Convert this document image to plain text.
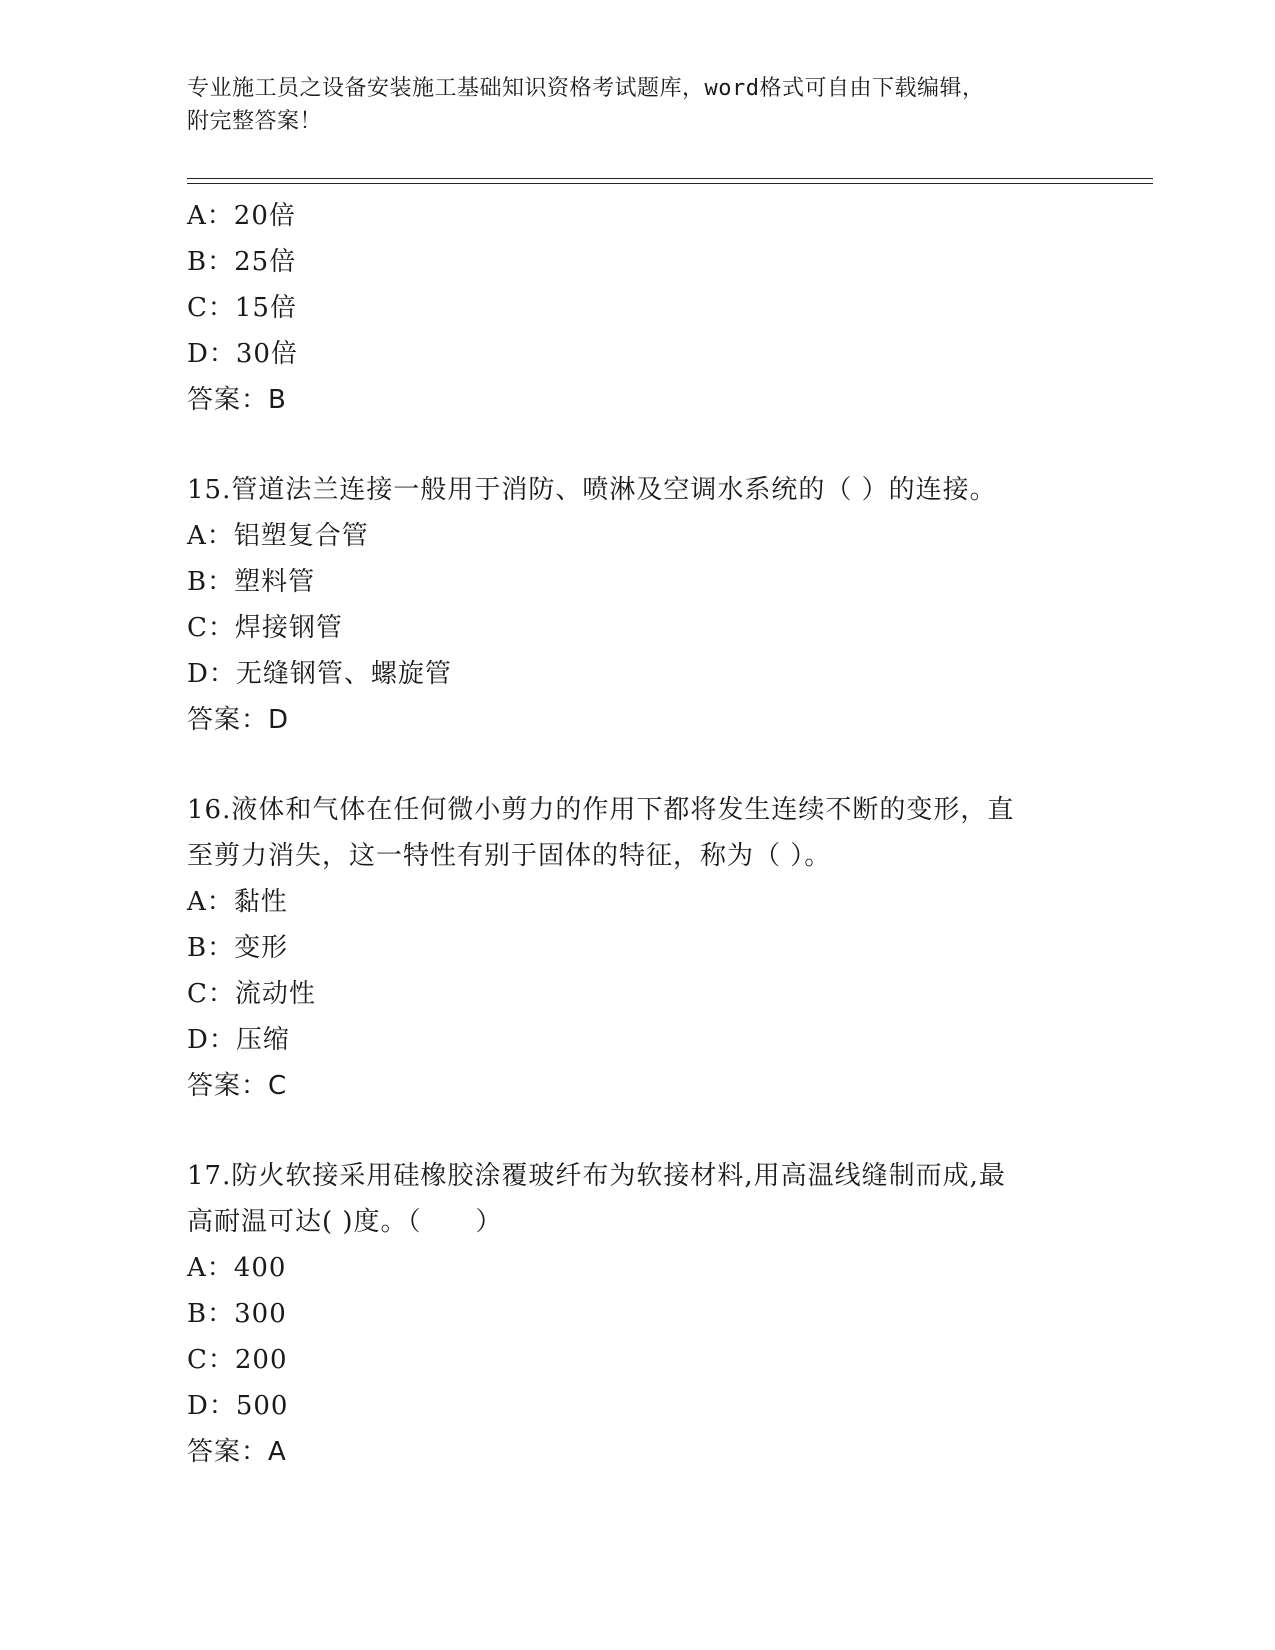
专业施工员之设备安装施工基础知识资格考试题库，word格式可自由下载编辑，
附完整答案！
A：20倍
B：25倍
C：15倍
D：30倍
答案：B
15.管道法兰连接一般用于消防、喷淋及空调水系统的（ ）的连接。
A：铝塑复合管
B：塑料管
C：焊接钢管
D：无缝钢管、螺旋管
答案：D
16.液体和气体在任何微小剪力的作用下都将发生连续不断的变形，直
至剪力消失，这一特性有别于固体的特征，称为（ ）。
A：黏性
B：变形
C：流动性
D：压缩
答案：C
17.防火软接采用硅橡胶涂覆玻纤布为软接材料,用高温线缝制而成,最
高耐温可达( )度。（　　）
A：400
B：300
C：200
D：500
答案：A
